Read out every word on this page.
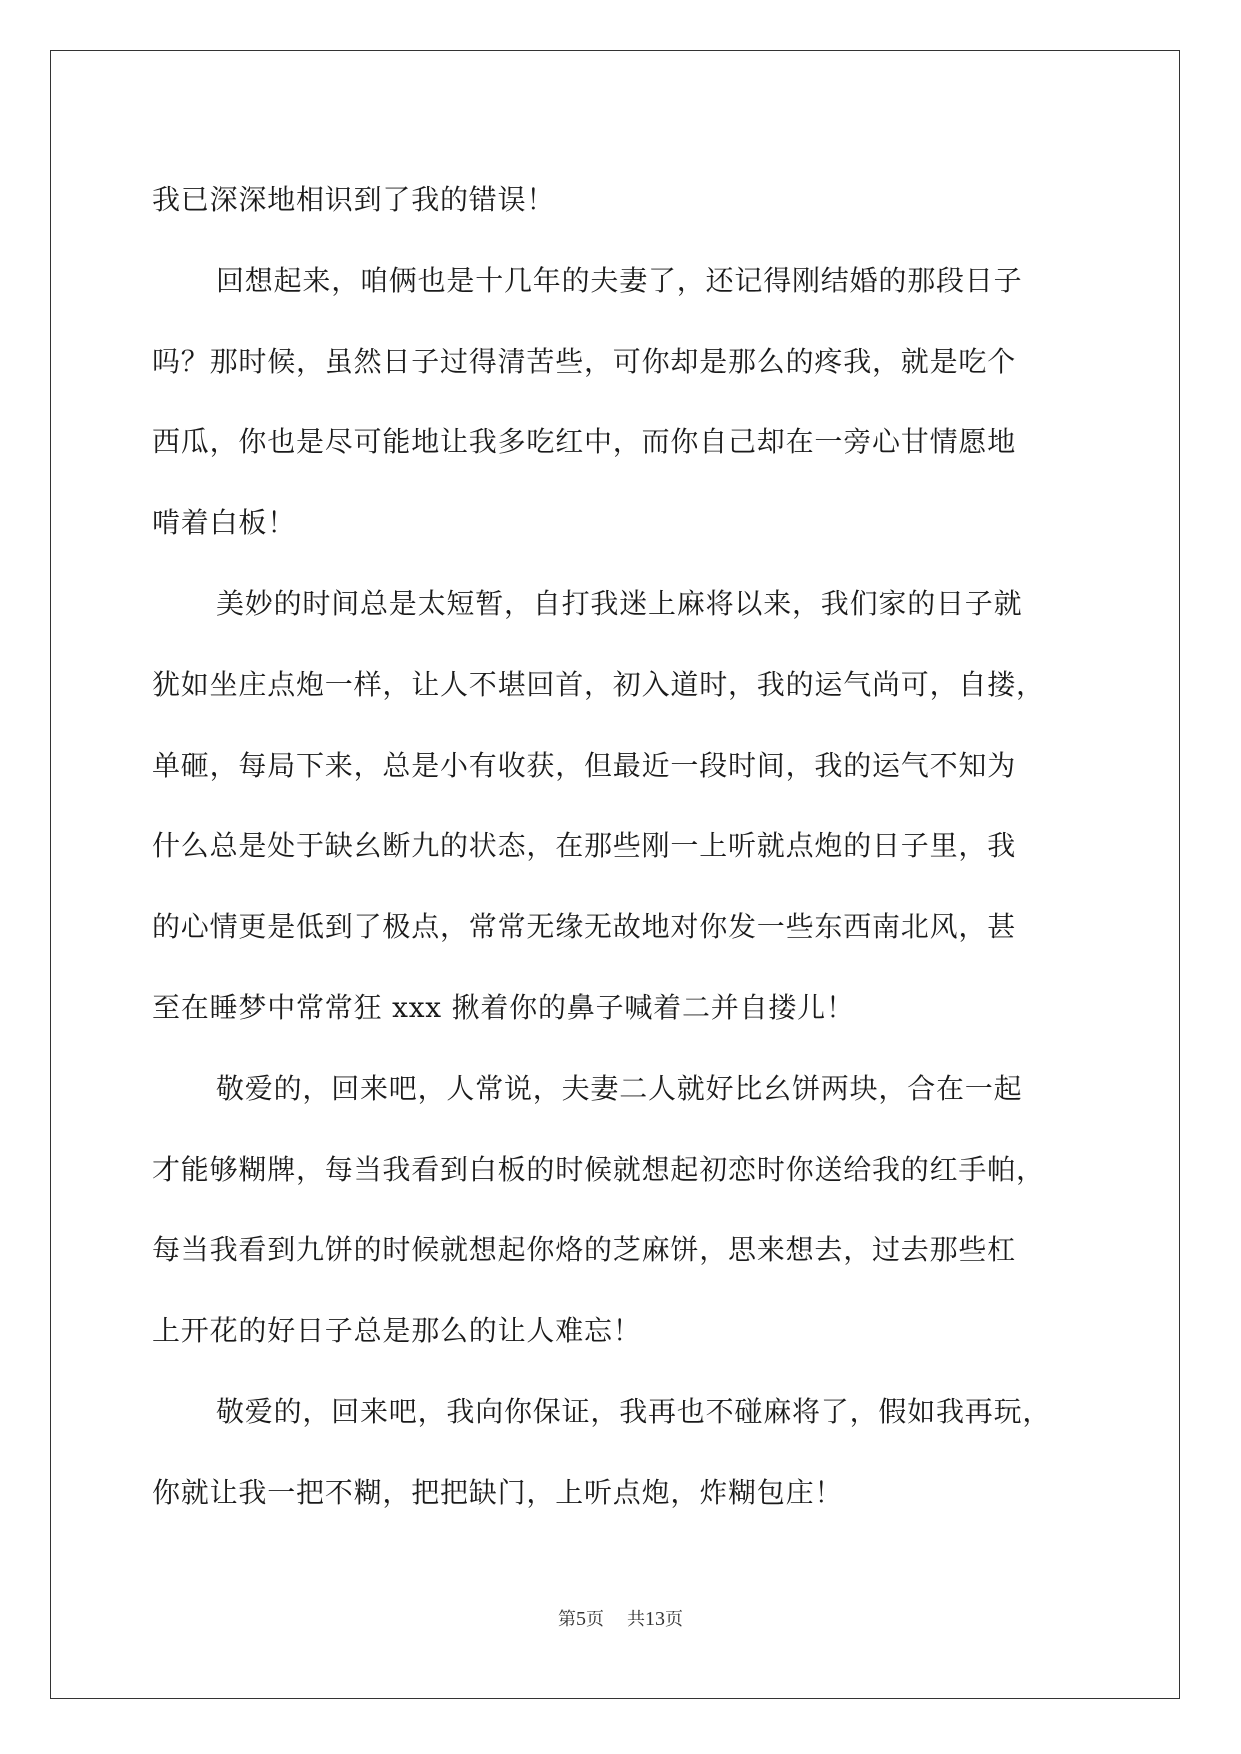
我已深深地相识到了我的错误！
回想起来，咱俩也是十几年的夫妻了，还记得刚结婚的那段日子
吗？那时候，虽然日子过得清苦些，可你却是那么的疼我，就是吃个
西瓜，你也是尽可能地让我多吃红中，而你自己却在一旁心甘情愿地
啃着白板！
美妙的时间总是太短暂，自打我迷上麻将以来，我们家的日子就
犹如坐庄点炮一样，让人不堪回首，初入道时，我的运气尚可，自搂，
单砸，每局下来，总是小有收获，但最近一段时间，我的运气不知为
什么总是处于缺幺断九的状态，在那些刚一上听就点炮的日子里，我
的心情更是低到了极点，常常无缘无故地对你发一些东西南北风，甚
至在睡梦中常常狂 xxx 揪着你的鼻子喊着二并自搂儿！
敬爱的，回来吧，人常说，夫妻二人就好比幺饼两块，合在一起
才能够糊牌，每当我看到白板的时候就想起初恋时你送给我的红手帕，
每当我看到九饼的时候就想起你烙的芝麻饼，思来想去，过去那些杠
上开花的好日子总是那么的让人难忘！
敬爱的，回来吧，我向你保证，我再也不碰麻将了，假如我再玩，
你就让我一把不糊，把把缺门，上听点炮，炸糊包庄！
第5页 共13页
